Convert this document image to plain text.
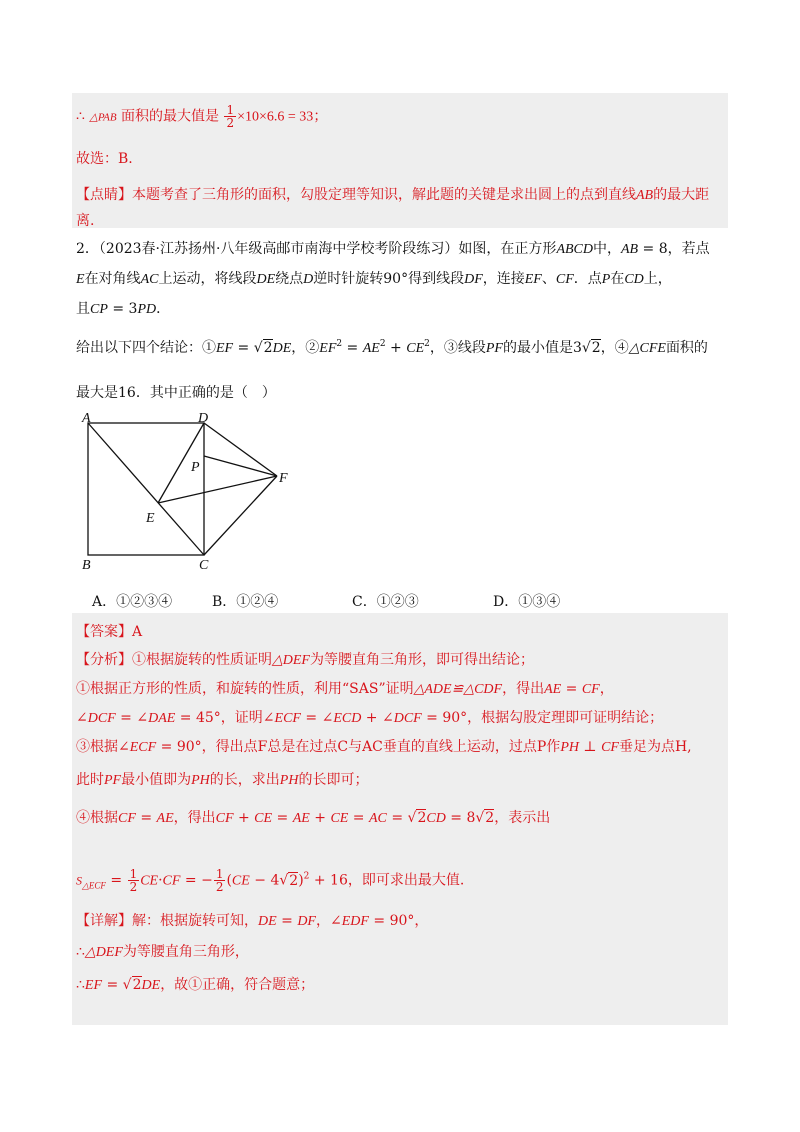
∴ △PAB 面积的最大值是 $\frac{1}{2} \times 10\times 6.6 = 33$；
故选：B.
【点睛】本题考查了三角形的面积，勾股定理等知识，解此题的关键是求出圆上的点到直线AB的最大距
离.
2．（2023春·江苏扬州·八年级高邮市南海中学校考阶段练习）如图，在正方形ABCD中，AB = 8，若点
E在对角线AC上运动，将线段DE绕点D逆时针旋转90°得到线段DF，连接EF、CF．点P在CD上，
且CP = 3PD．
给出以下四个结论：①EF = √2DE，$②EF^2 = AE^2 + CE^2$，③线段PF的最小值是3√2，④△CFE面积的
最大是16．其中正确的是（　）
A	D
P
F
E
B	C
A．①②③④	B．①②④	C．①②③	D．①③④
【答案】A
【分析】①根据旋转的性质证明△DEF为等腰直角三角形，即可得出结论；
①根据正方形的性质，和旋转的性质，利用“SAS”证明△ADE≌△CDF，得出AE = CF，
∠DCF = ∠DAE = 45°，证明∠ECF = ∠ECD + ∠DCF = 90°，根据勾股定理即可证明结论；
③根据∠ECF = 90°，得出点F总是在过点C与AC垂直的直线上运动，过点P作PH ⊥ CF垂足为点H,
此时PF最小值即为PH的长，求出PH的长即可；
④根据CF = AE，得出CF + CE = AE + CE = AC = √2CD = 8√2，表示出
$S_{\triangle ECF} = \frac{1}{2} CE\cdot CF$ = − $\frac{1}{2} (CE - 4√2)^2 + 16$，即可求出最大值.
【详解】解：根据旋转可知，DE = DF，∠EDF = 90°，
∴△DEF为等腰直角三角形，
∴EF = √2DE，故①正确，符合题意；
